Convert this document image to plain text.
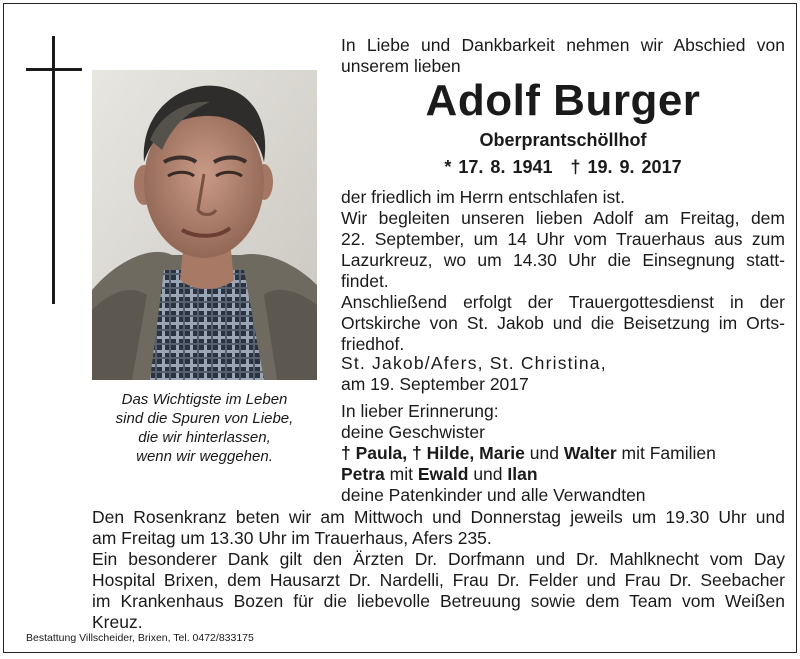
Das Wichtigste im Leben
sind die Spuren von Liebe,
die wir hinterlassen,
wenn wir weggehen.
In Liebe und Dankbarkeit nehmen wir Abschied von
unserem lieben
Adolf Burger
Oberprantschöllhof
* 17. 8. 1941 † 19. 9. 2017
der friedlich im Herrn entschlafen ist.
Wir begleiten unseren lieben Adolf am Freitag, dem
22. September, um 14 Uhr vom Trauerhaus aus zum
Lazurkreuz, wo um 14.30 Uhr die Einsegnung statt-
findet.
Anschließend erfolgt der Trauergottesdienst in der
Ortskirche von St. Jakob und die Beisetzung im Orts-
friedhof.
St. Jakob/Afers, St. Christina,
am 19. September 2017
In lieber Erinnerung:
deine Geschwister
† Paula, † Hilde, Marie und Walter mit Familien
Petra mit Ewald und Ilan
deine Patenkinder und alle Verwandten
Den Rosenkranz beten wir am Mittwoch und Donnerstag jeweils um 19.30 Uhr und
am Freitag um 13.30 Uhr im Trauerhaus, Afers 235.
Ein besonderer Dank gilt den Ärzten Dr. Dorfmann und Dr. Mahlknecht vom Day
Hospital Brixen, dem Hausarzt Dr. Nardelli, Frau Dr. Felder und Frau Dr. Seebacher
im Krankenhaus Bozen für die liebevolle Betreuung sowie dem Team vom Weißen
Kreuz.
Bestattung Villscheider, Brixen, Tel. 0472/833175
